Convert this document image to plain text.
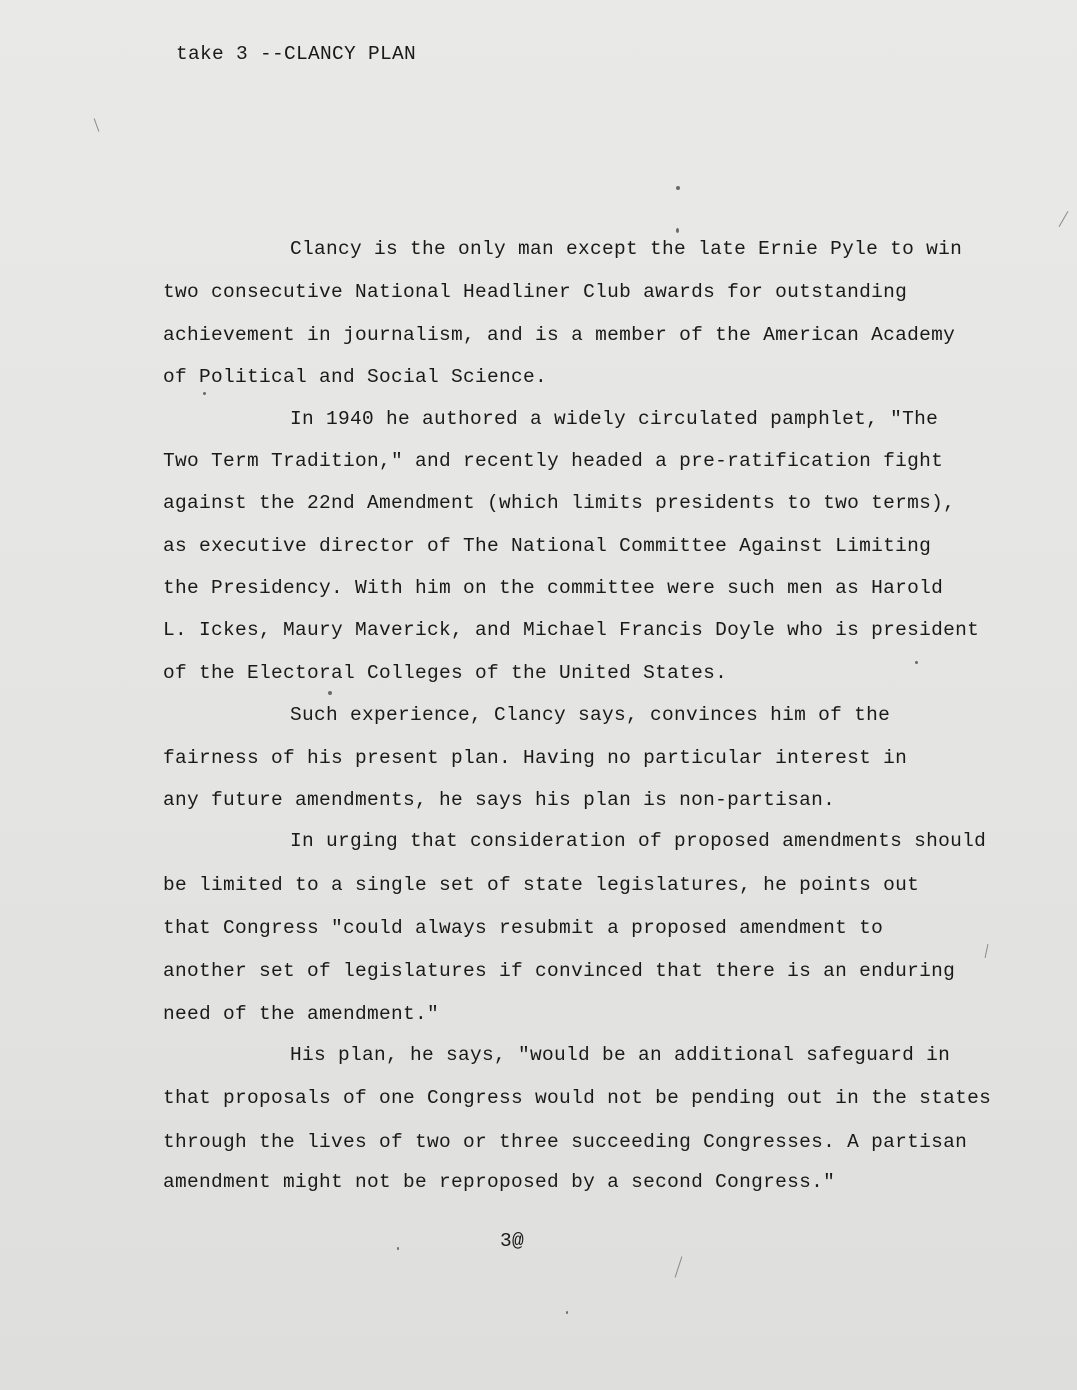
take 3 --CLANCY PLAN
Clancy is the only man except the late Ernie Pyle to win
two consecutive National Headliner Club awards for outstanding
achievement in journalism, and is a member of the American Academy
of Political and Social Science.
In 1940 he authored a widely circulated pamphlet, "The
Two Term Tradition," and recently headed a pre-ratification fight
against the 22nd Amendment (which limits presidents to two terms),
as executive director of The National Committee Against Limiting
the Presidency. With him on the committee were such men as Harold
L. Ickes, Maury Maverick, and Michael Francis Doyle who is president
of the Electoral Colleges of the United States.
Such experience, Clancy says, convinces him of the
fairness of his present plan. Having no particular interest in
any future amendments, he says his plan is non-partisan.
In urging that consideration of proposed amendments should
be limited to a single set of state legislatures, he points out
that Congress "could always resubmit a proposed amendment to
another set of legislatures if convinced that there is an enduring
need of the amendment."
His plan, he says, "would be an additional safeguard in
that proposals of one Congress would not be pending out in the states
through the lives of two or three succeeding Congresses. A partisan
amendment might not be reproposed by a second Congress."
3@
